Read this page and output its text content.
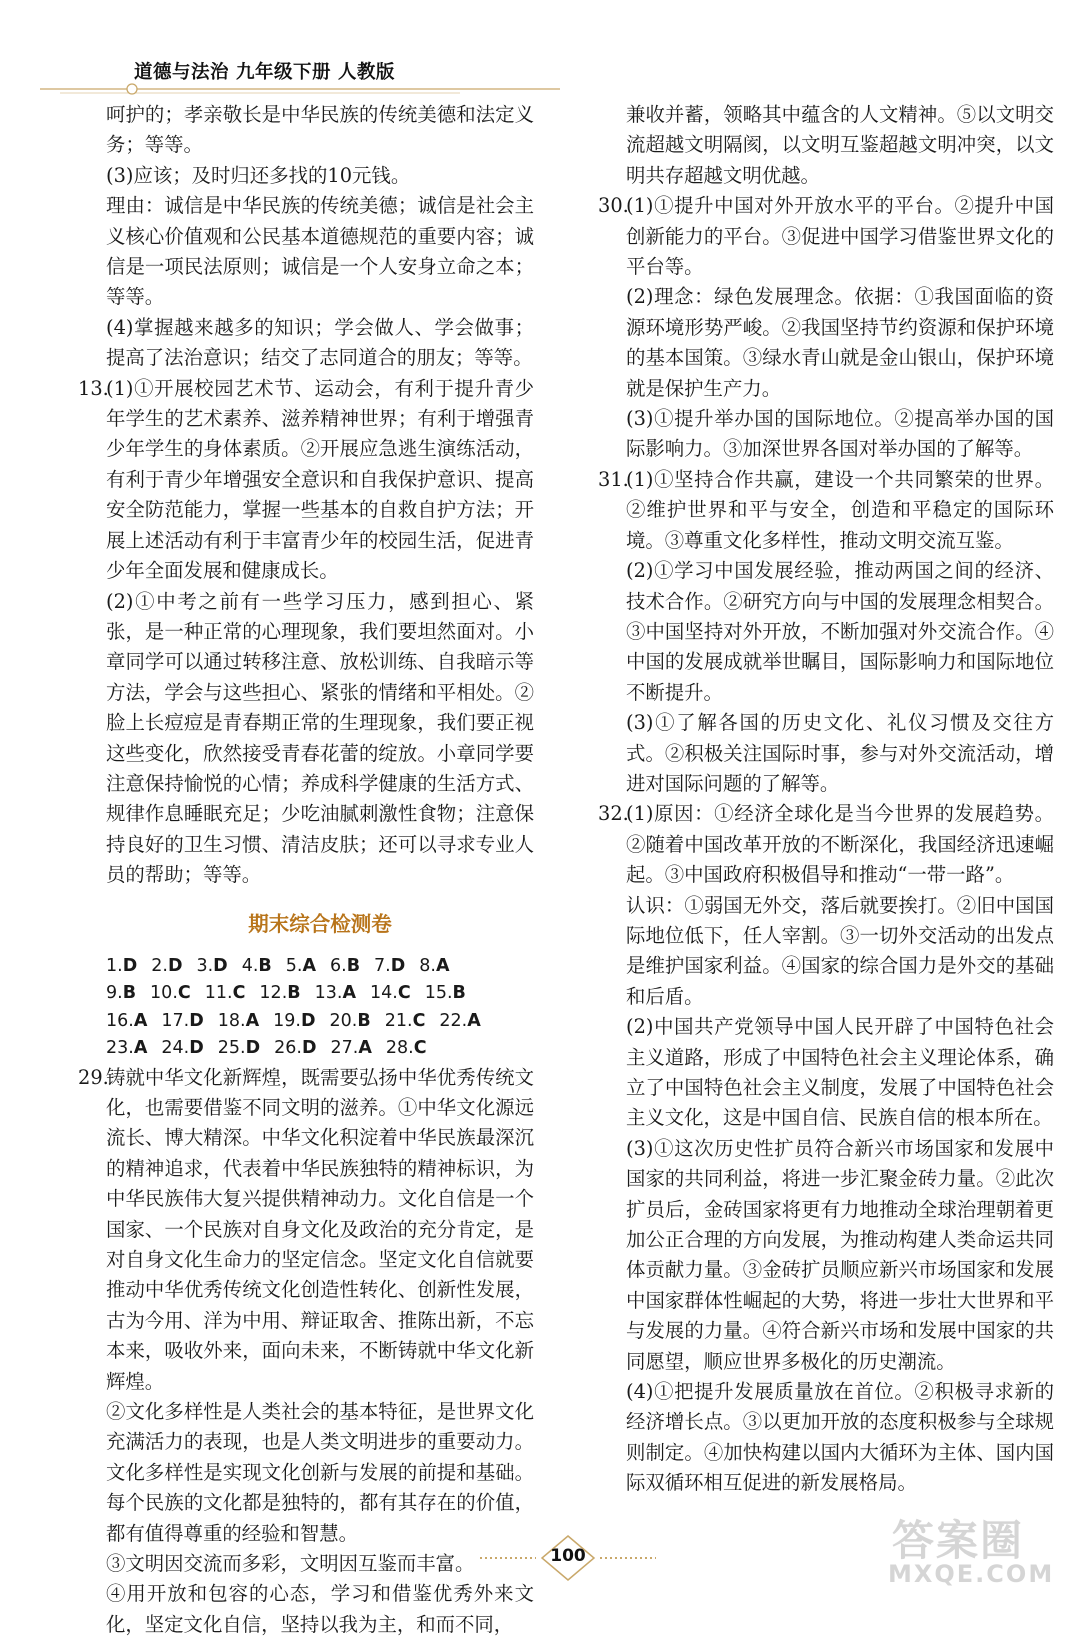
道德与法治 九年级下册 人教版

呵护的；孝亲敬长是中华民族的传统美德和法定义务；等等。

(3)应该；及时归还多找的10元钱。

理由：诚信是中华民族的传统美德；诚信是社会主义核心价值观和公民基本道德规范的重要内容；诚信是一项民法原则；诚信是一个人安身立命之本；等等。

(4)掌握越来越多的知识；学会做人、学会做事；提高了法治意识；结交了志同道合的朋友；等等。

13.

(1)①开展校园艺术节、运动会，有利于提升青少年学生的艺术素养、滋养精神世界；有利于增强青少年学生的身体素质。②开展应急逃生演练活动，有利于青少年增强安全意识和自我保护意识、提高安全防范能力，掌握一些基本的自救自护方法；开展上述活动有利于丰富青少年的校园生活，促进青少年全面发展和健康成长。

(2)①中考之前有一些学习压力，感到担心、紧张，是一种正常的心理现象，我们要坦然面对。小章同学可以通过转移注意、放松训练、自我暗示等方法，学会与这些担心、紧张的情绪和平相处。②脸上长痘痘是青春期正常的生理现象，我们要正视这些变化，欣然接受青春花蕾的绽放。小章同学要注意保持愉悦的心情；养成科学健康的生活方式、规律作息睡眠充足；少吃油腻刺激性食物；注意保持良好的卫生习惯、清洁皮肤；还可以寻求专业人员的帮助；等等。

期末综合检测卷
1.D 2.D 3.D 4.B 5.A 6.B 7.D 8.A
9.B 10.C 11.C 12.B 13.A 14.C 15.B
16.A 17.D 18.A 19.D 20.B 21.C 22.A
23.A 24.D 25.D 26.D 27.A 28.C
29.

铸就中华文化新辉煌，既需要弘扬中华优秀传统文化，也需要借鉴不同文明的滋养。①中华文化源远流长、博大精深。中华文化积淀着中华民族最深沉的精神追求，代表着中华民族独特的精神标识，为中华民族伟大复兴提供精神动力。文化自信是一个国家、一个民族对自身文化及政治的充分肯定，是对自身文化生命力的坚定信念。坚定文化自信就要推动中华优秀传统文化创造性转化、创新性发展，古为今用、洋为中用、辩证取舍、推陈出新，不忘本来，吸收外来，面向未来，不断铸就中华文化新辉煌。

②文化多样性是人类社会的基本特征，是世界文化充满活力的表现，也是人类文明进步的重要动力。文化多样性是实现文化创新与发展的前提和基础。每个民族的文化都是独特的，都有其存在的价值，都有值得尊重的经验和智慧。

③文明因交流而多彩，文明因互鉴而丰富。

④用开放和包容的心态，学习和借鉴优秀外来文化，坚定文化自信，坚持以我为主，和而不同，

兼收并蓄，领略其中蕴含的人文精神。⑤以文明交流超越文明隔阂，以文明互鉴超越文明冲突，以文明共存超越文明优越。

30.

(1)①提升中国对外开放水平的平台。②提升中国创新能力的平台。③促进中国学习借鉴世界文化的平台等。

(2)理念：绿色发展理念。依据：①我国面临的资源环境形势严峻。②我国坚持节约资源和保护环境的基本国策。③绿水青山就是金山银山，保护环境就是保护生产力。

(3)①提升举办国的国际地位。②提高举办国的国际影响力。③加深世界各国对举办国的了解等。

31.

(1)①坚持合作共赢，建设一个共同繁荣的世界。②维护世界和平与安全，创造和平稳定的国际环境。③尊重文化多样性，推动文明交流互鉴。

(2)①学习中国发展经验，推动两国之间的经济、技术合作。②研究方向与中国的发展理念相契合。③中国坚持对外开放，不断加强对外交流合作。④中国的发展成就举世瞩目，国际影响力和国际地位不断提升。

(3)①了解各国的历史文化、礼仪习惯及交往方式。②积极关注国际时事，参与对外交流活动，增进对国际问题的了解等。

32.

(1)原因：①经济全球化是当今世界的发展趋势。②随着中国改革开放的不断深化，我国经济迅速崛起。③中国政府积极倡导和推动“一带一路”。

认识：①弱国无外交，落后就要挨打。②旧中国国际地位低下，任人宰割。③一切外交活动的出发点是维护国家利益。④国家的综合国力是外交的基础和后盾。

(2)中国共产党领导中国人民开辟了中国特色社会主义道路，形成了中国特色社会主义理论体系，确立了中国特色社会主义制度，发展了中国特色社会主义文化，这是中国自信、民族自信的根本所在。

(3)①这次历史性扩员符合新兴市场国家和发展中国家的共同利益，将进一步汇聚金砖力量。②此次扩员后，金砖国家将更有力地推动全球治理朝着更加公正合理的方向发展，为推动构建人类命运共同体贡献力量。③金砖扩员顺应新兴市场国家和发展中国家群体性崛起的大势，将进一步壮大世界和平与发展的力量。④符合新兴市场和发展中国家的共同愿望，顺应世界多极化的历史潮流。

(4)①把提升发展质量放在首位。②积极寻求新的经济增长点。③以更加开放的态度积极参与全球规则制定。④加快构建以国内大循环为主体、国内国际双循环相互促进的新发展格局。

100	答案圈
MXQE.COM
